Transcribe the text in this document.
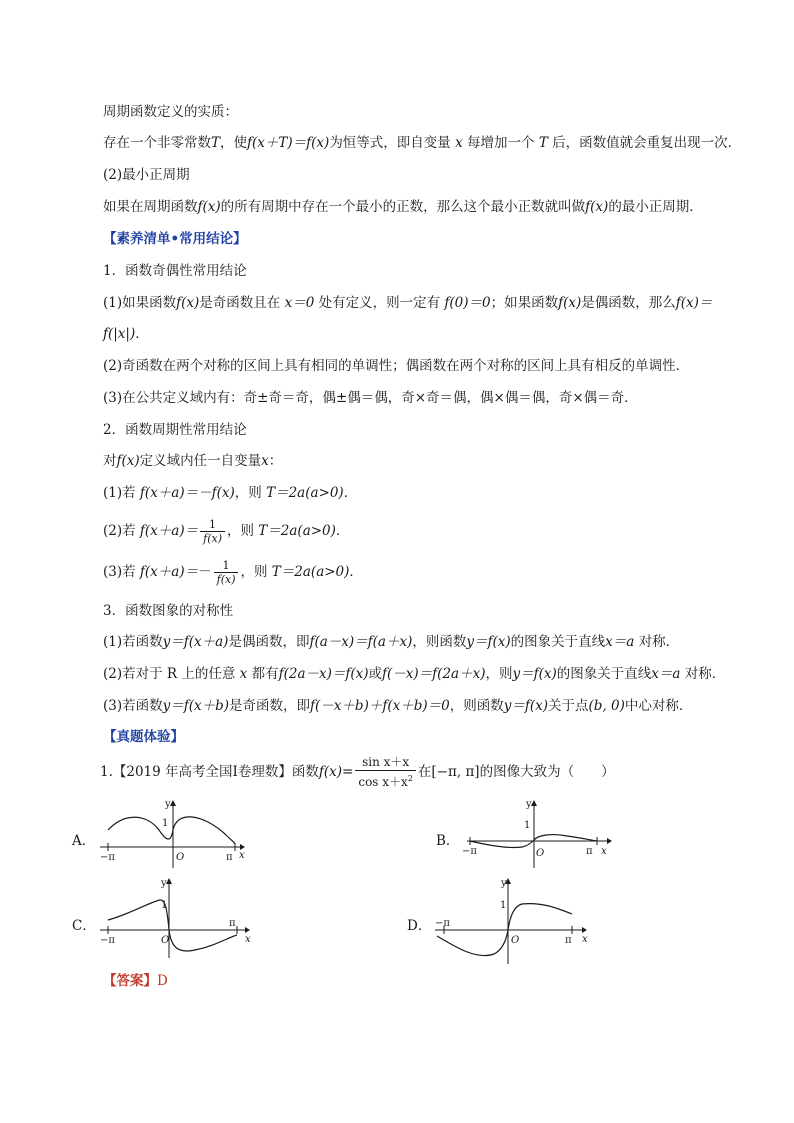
周期函数定义的实质：
存在一个非零常数T，使f(x＋T)＝f(x)为恒等式，即自变量 x 每增加一个 T 后，函数值就会重复出现一次．
(2)最小正周期
如果在周期函数f(x)的所有周期中存在一个最小的正数，那么这个最小正数就叫做f(x)的最小正周期．
【素养清单•常用结论】
1．函数奇偶性常用结论
(1)如果函数f(x)是奇函数且在 x＝0 处有定义，则一定有 f(0)＝0；如果函数f(x)是偶函数，那么f(x)＝
f(|x|)．
(2)奇函数在两个对称的区间上具有相同的单调性；偶函数在两个对称的区间上具有相反的单调性．
(3)在公共定义域内有：奇±奇＝奇，偶±偶＝偶，奇×奇＝偶，偶×偶＝偶，奇×偶＝奇．
2．函数周期性常用结论
对f(x)定义域内任一自变量x：
(1)若 f(x＋a)＝－f(x)，则 T＝2a(a>0)．
(2)若 $f(x+a)= \frac{1}{f(x)}$ ，则 T＝2a(a>0)．
(3)若 $f(x+a)=- \frac{1}{f(x)}$ ，则 T＝2a(a>0)．
3．函数图象的对称性
(1)若函数y＝f(x＋a)是偶函数，即f(a－x)＝f(a＋x)，则函数y＝f(x)的图象关于直线x＝a 对称．
(2)若对于 R 上的任意 x 都有f(2a－x)＝f(x)或f(－x)＝f(2a＋x)，则y＝f(x)的图象关于直线x＝a 对称．
(3)若函数y＝f(x＋b)是奇函数，即f(－x＋b)＋f(x＋b)＝0，则函数y＝f(x)关于点(b, 0)中心对称．
【真题体验】
1.【2019 年高考全国Ⅰ卷理数】函数$f(x)= \frac{\text{sin x＋x}}{\cos x+x^2}$ 在[−π, π]的图像大致为（　　）
A．
y
1
O
−π	π x
B．
y
1
O
−π	π x
C．
y
1
O
−π
π
x
D．
y
1
O
−π
π x
【答案】D
